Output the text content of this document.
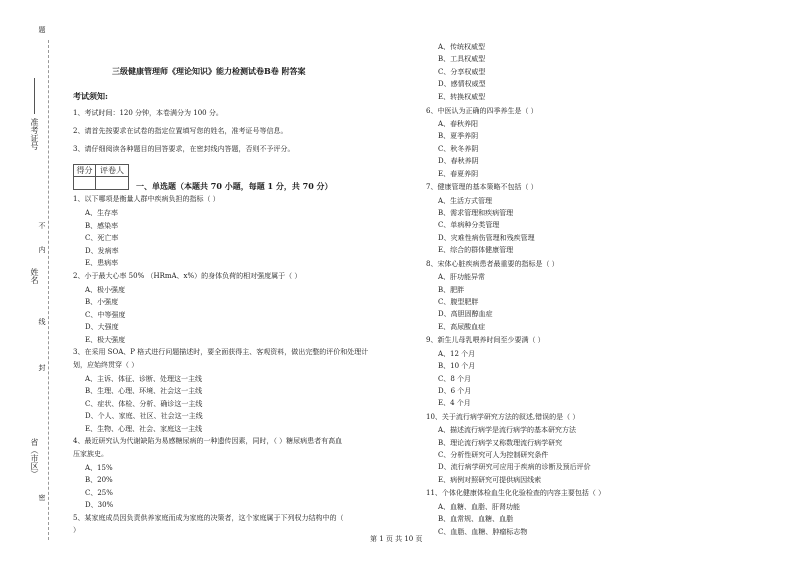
题
准考证号
不
姓名
内
线
封
省（市区）
密
三级健康管理师《理论知识》能力检测试卷B卷 附答案
考试须知:
1、考试时间：120 分钟，本卷满分为 100 分。
2、请首先按要求在试卷的指定位置填写您的姓名，准考证号等信息。
3、请仔细阅读各种题目的回答要求，在密封线内答题，否则不予评分。
得分 评卷人
一、单选题（本题共 70 小题，每题 1 分，共 70 分）
1、以下哪项是衡量人群中疾病负担的指标（ ）
A、生存率
B、感染率
C、死亡率
D、发病率
E、患病率
2、小于最大心率 50% （HRmA、x%）的身体负荷的相对强度属于（ ）
A、极小强度
B、小强度
C、中等强度
D、大强度
E、极大强度
3、在采用 SOA、P 格式进行问题描述时，要全面获得主、客观资料，做出完整的评价和处理计
划，应始终贯穿（ ）
A、主诉、体征、诊断、处理这一主线
B、生理、心理、环境、社会这一主线
C、症状、体检、分析、确诊这一主线
D、个人、家庭、社区、社会这一主线
E、生物、心理、社会、家庭这一主线
4、最近研究认为代谢缺陷为易感糖尿病的一种遗传因素，同时，（ ）糖尿病患者有高血
压家族史。
A、15%
B、20%
C、25%
D、30%
5、某家庭成员因负责供养家庭而成为家庭的决策者，这个家庭属于下列权力结构中的（
）
A、传统权威型
B、工具权威型
C、分享权威型
D、感情权威型
E、转换权威型
6、中医认为正确的四季养生是（ ）
A、春秋养阳
B、夏季养阴
C、秋冬养阴
D、春秋养阴
E、春夏养阴
7、健康管理的基本策略不包括（ ）
A、生活方式管理
B、需求管理和疾病管理
C、单病种分类管理
D、灾难性病伤管理和残疾管理
E、综合的群体健康管理
8、宋体心脏疾病患者最重要的指标是（ ）
A、肝功能异常
B、肥胖
C、腹型肥胖
D、高胆固醇血症
E、高尿酸血症
9、新生儿母乳喂养时间至少要满（ ）
A、12 个月
B、10 个月
C、8 个月
D、6 个月
E、4 个月
10、关于流行病学研究方法的叙述,错误的是（ ）
A、描述流行病学是流行病学的基本研究方法
B、理论流行病学又称数理流行病学研究
C、分析性研究可人为控制研究条件
D、流行病学研究可应用于疾病的诊断及预后评价
E、病例对照研究可提供病因线索
11、个体化健康体检血生化化验检查的内容主要包括（ ）
A、血糖、血脂、肝肾功能
B、血常规、血糖、血脂
C、血脂、血糖、肿瘤标志物
第 1 页 共 10 页
